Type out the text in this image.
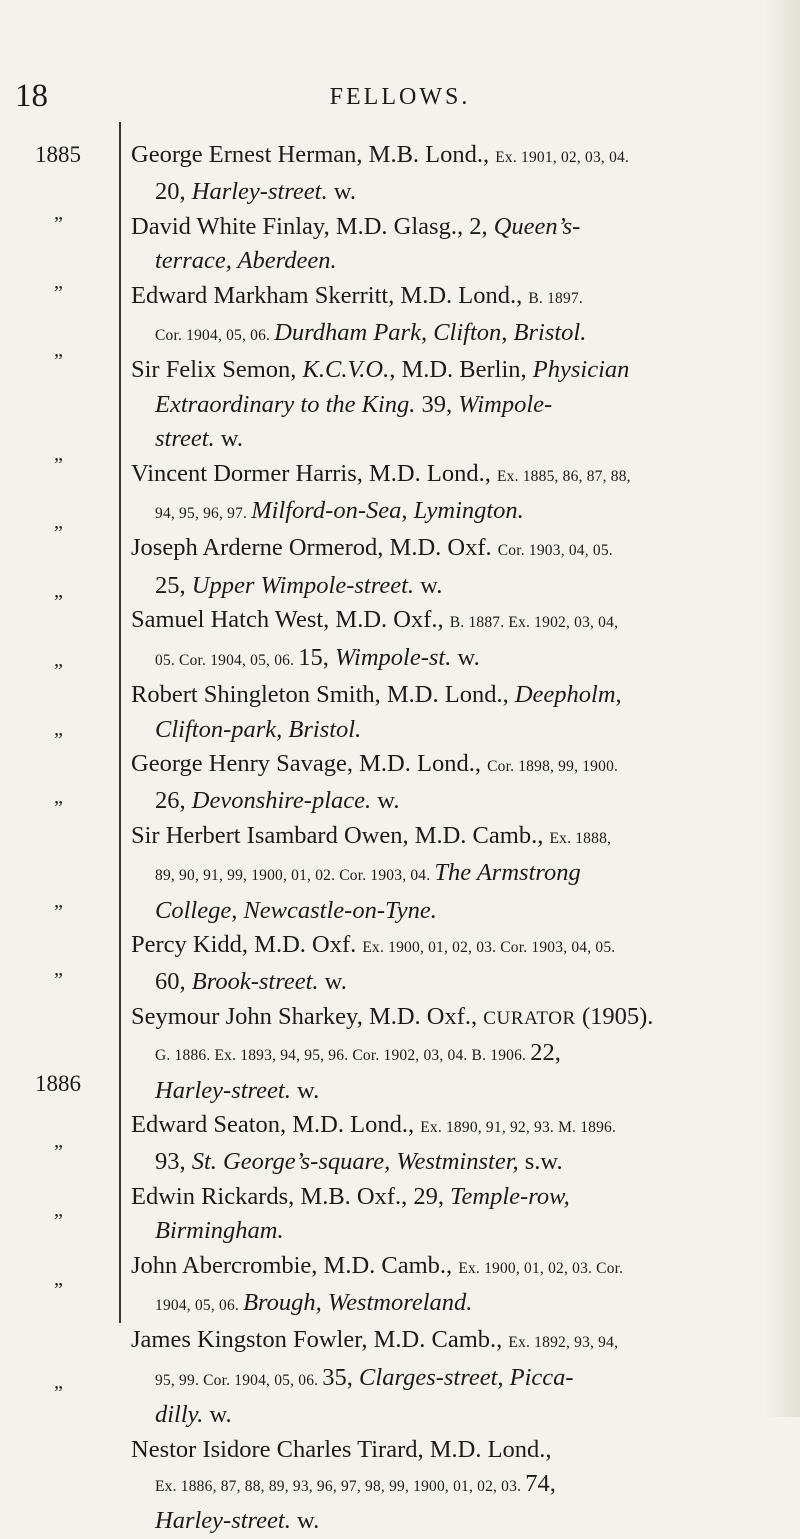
18	FELLOWS.
1885
”
”
”
”
”
”
”
”
”
”
”
1886
”
”
”
”
George Ernest Herman, M.B. Lond., Ex. 1901, 02, 03, 04.
20, Harley-street. w.
David White Finlay, M.D. Glasg., 2, Queen’s-
terrace, Aberdeen.
Edward Markham Skerritt, M.D. Lond., B. 1897.
Cor. 1904, 05, 06. Durdham Park, Clifton, Bristol.
Sir Felix Semon, K.C.V.O., M.D. Berlin, Physician
Extraordinary to the King. 39, Wimpole-
street. w.
Vincent Dormer Harris, M.D. Lond., Ex. 1885, 86, 87, 88,
94, 95, 96, 97. Milford-on-Sea, Lymington.
Joseph Arderne Ormerod, M.D. Oxf. Cor. 1903, 04, 05.
25, Upper Wimpole-street. w.
Samuel Hatch West, M.D. Oxf., B. 1887. Ex. 1902, 03, 04,
05. Cor. 1904, 05, 06. 15, Wimpole-st. w.
Robert Shingleton Smith, M.D. Lond., Deepholm,
Clifton-park, Bristol.
George Henry Savage, M.D. Lond., Cor. 1898, 99, 1900.
26, Devonshire-place. w.
Sir Herbert Isambard Owen, M.D. Camb., Ex. 1888,
89, 90, 91, 99, 1900, 01, 02. Cor. 1903, 04. The Armstrong
College, Newcastle-on-Tyne.
Percy Kidd, M.D. Oxf. Ex. 1900, 01, 02, 03. Cor. 1903, 04, 05.
60, Brook-street. w.
Seymour John Sharkey, M.D. Oxf., CURATOR (1905).
G. 1886. Ex. 1893, 94, 95, 96. Cor. 1902, 03, 04. B. 1906. 22,
Harley-street. w.
Edward Seaton, M.D. Lond., Ex. 1890, 91, 92, 93. M. 1896.
93, St. George’s-square, Westminster, s.w.
Edwin Rickards, M.B. Oxf., 29, Temple-row,
Birmingham.
John Abercrombie, M.D. Camb., Ex. 1900, 01, 02, 03. Cor.
1904, 05, 06. Brough, Westmoreland.
James Kingston Fowler, M.D. Camb., Ex. 1892, 93, 94,
95, 99. Cor. 1904, 05, 06. 35, Clarges-street, Picca-
dilly. w.
Nestor Isidore Charles Tirard, M.D. Lond.,
Ex. 1886, 87, 88, 89, 93, 96, 97, 98, 99, 1900, 01, 02, 03. 74,
Harley-street. w.
